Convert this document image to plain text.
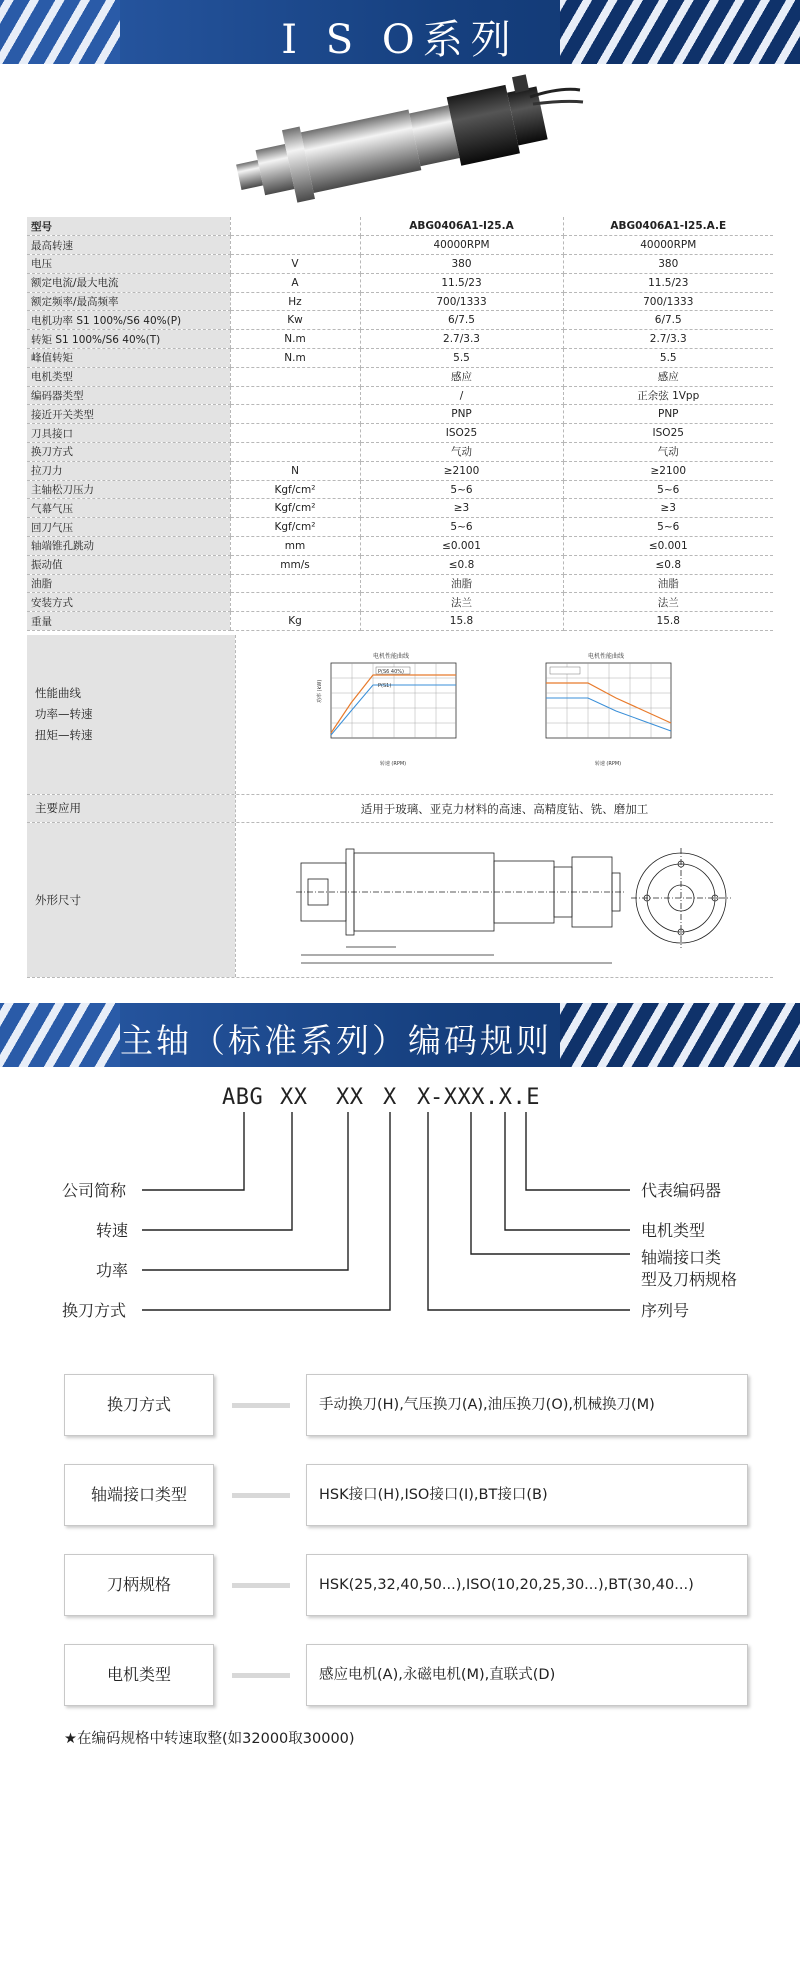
I S O系列
型号		ABG0406A1-I25.A	ABG0406A1-I25.A.E
最高转速		40000RPM	40000RPM
电压	V	380	380
额定电流/最大电流	A	11.5/23	11.5/23
额定频率/最高频率	Hz	700/1333	700/1333
电机功率 S1 100%/S6 40%(P)	Kw	6/7.5	6/7.5
转矩 S1 100%/S6 40%(T)	N.m	2.7/3.3	2.7/3.3
峰值转矩	N.m	5.5	5.5
电机类型		感应	感应
编码器类型		/	正余弦 1Vpp
接近开关类型		PNP	PNP
刀具接口		ISO25	ISO25
换刀方式		气动	气动
拉刀力	N	≥2100	≥2100
主轴松刀压力	Kgf/cm²	5~6	5~6
气幕气压	Kgf/cm²	≥3	≥3
回刀气压	Kgf/cm²	5~6	5~6
轴端锥孔跳动	mm	≤0.001	≤0.001
振动值	mm/s	≤0.8	≤0.8
油脂		油脂	油脂
安装方式		法兰	法兰
重量	Kg	15.8	15.8
性能曲线
功率—转速
扭矩—转速
电机性能曲线
P(S6 40%)
P(S1)
功率 (kW)
转速 (RPM)
电机性能曲线
转速 (RPM)
主要应用	适用于玻璃、亚克力材料的高速、高精度钻、铣、磨加工
外形尺寸
主轴（标准系列）编码规则
ABG XX XX X X -XXX.X.E
公司简称
转速
功率
换刀方式
代表编码器
电机类型
轴端接口类
型及刀柄规格
序列号
换刀方式	手动换刀(H),气压换刀(A),油压换刀(O),机械换刀(M)
轴端接口类型	HSK接口(H),ISO接口(I),BT接口(B)
刀柄规格	HSK(25,32,40,50...),ISO(10,20,25,30...),BT(30,40...)
电机类型	感应电机(A),永磁电机(M),直联式(D)
★在编码规格中转速取整(如32000取30000)
